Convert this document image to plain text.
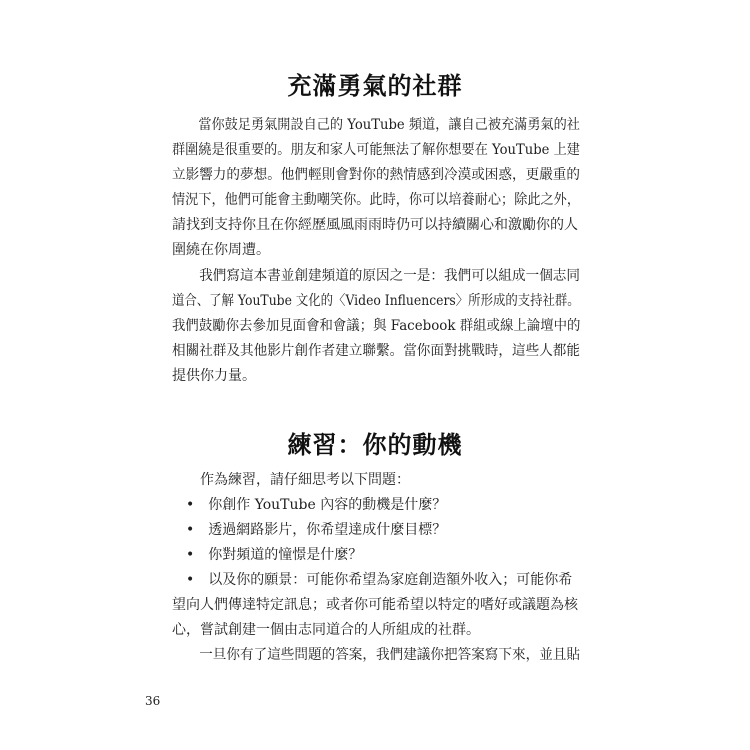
充滿勇氣的社群

　　當你鼓足勇氣開設自己的 YouTube 頻道，讓自己被充滿勇氣的社

群圍繞是很重要的。朋友和家人可能無法了解你想要在 YouTube 上建

立影響力的夢想。他們輕則會對你的熱情感到冷漠或困惑，更嚴重的

情況下，他們可能會主動嘲笑你。此時，你可以培養耐心；除此之外，

請找到支持你且在你經歷風風雨雨時仍可以持續關心和激勵你的人

圍繞在你周遭。

　　我們寫這本書並創建頻道的原因之一是：我們可以組成一個志同

道合、了解 YouTube 文化的〈Video Influencers〉所形成的支持社群。

我們鼓勵你去參加見面會和會議；與 Facebook 群組或線上論壇中的

相關社群及其他影片創作者建立聯繫。當你面對挑戰時，這些人都能

提供你力量。

練習：你的動機

　　作為練習，請仔細思考以下問題：

　•　你創作 YouTube 內容的動機是什麼？

　•　透過網路影片，你希望達成什麼目標？

　•　你對頻道的憧憬是什麼？

　•　以及你的願景：可能你希望為家庭創造額外收入；可能你希

望向人們傳達特定訊息；或者你可能希望以特定的嗜好或議題為核

心，嘗試創建一個由志同道合的人所組成的社群。

　　一旦你有了這些問題的答案，我們建議你把答案寫下來，並且貼

36
